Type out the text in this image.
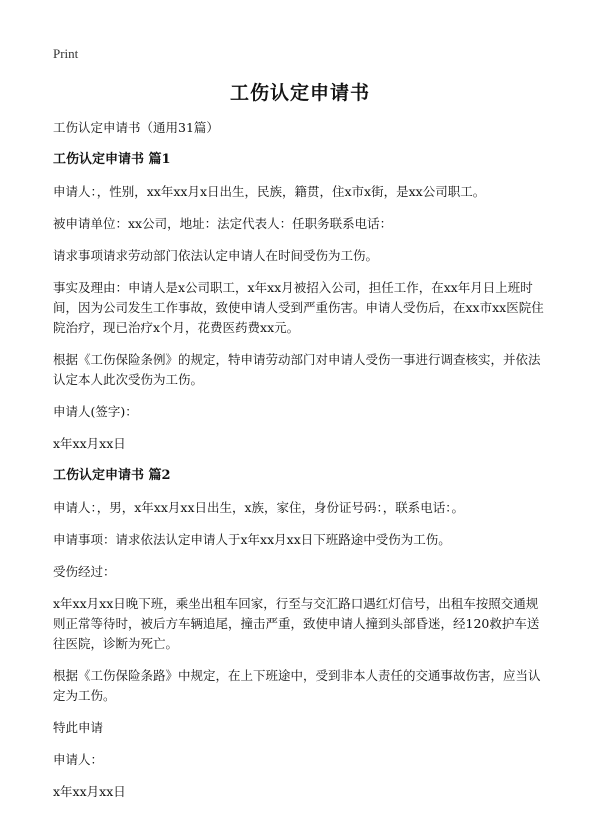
Print
工伤认定申请书

工伤认定申请书（通用31篇）

工伤认定申请书 篇1

申请人：，性别，xx年xx月x日出生，民族，籍贯，住x市x街，是xx公司职工。

被申请单位：xx公司，地址：法定代表人：任职务联系电话：

请求事项请求劳动部门依法认定申请人在时间受伤为工伤。

事实及理由：申请人是x公司职工，x年xx月被招入公司，担任工作，在xx年月日上班时间，因为公司发生工作事故，致使申请人受到严重伤害。申请人受伤后，在xx市xx医院住院治疗，现已治疗x个月，花费医药费xx元。

根据《工伤保险条例》的规定，特申请劳动部门对申请人受伤一事进行调查核实，并依法认定本人此次受伤为工伤。

申请人(签字)：

x年xx月xx日

工伤认定申请书 篇2

申请人：，男，x年xx月xx日出生，x族，家住，身份证号码：，联系电话：。

申请事项：请求依法认定申请人于x年xx月xx日下班路途中受伤为工伤。

受伤经过：

x年xx月xx日晚下班，乘坐出租车回家，行至与交汇路口遇红灯信号，出租车按照交通规则正常等待时，被后方车辆追尾，撞击严重，致使申请人撞到头部昏迷，经120救护车送往医院，诊断为死亡。

根据《工伤保险条路》中规定，在上下班途中，受到非本人责任的交通事故伤害，应当认定为工伤。

特此申请

申请人：

x年xx月xx日
